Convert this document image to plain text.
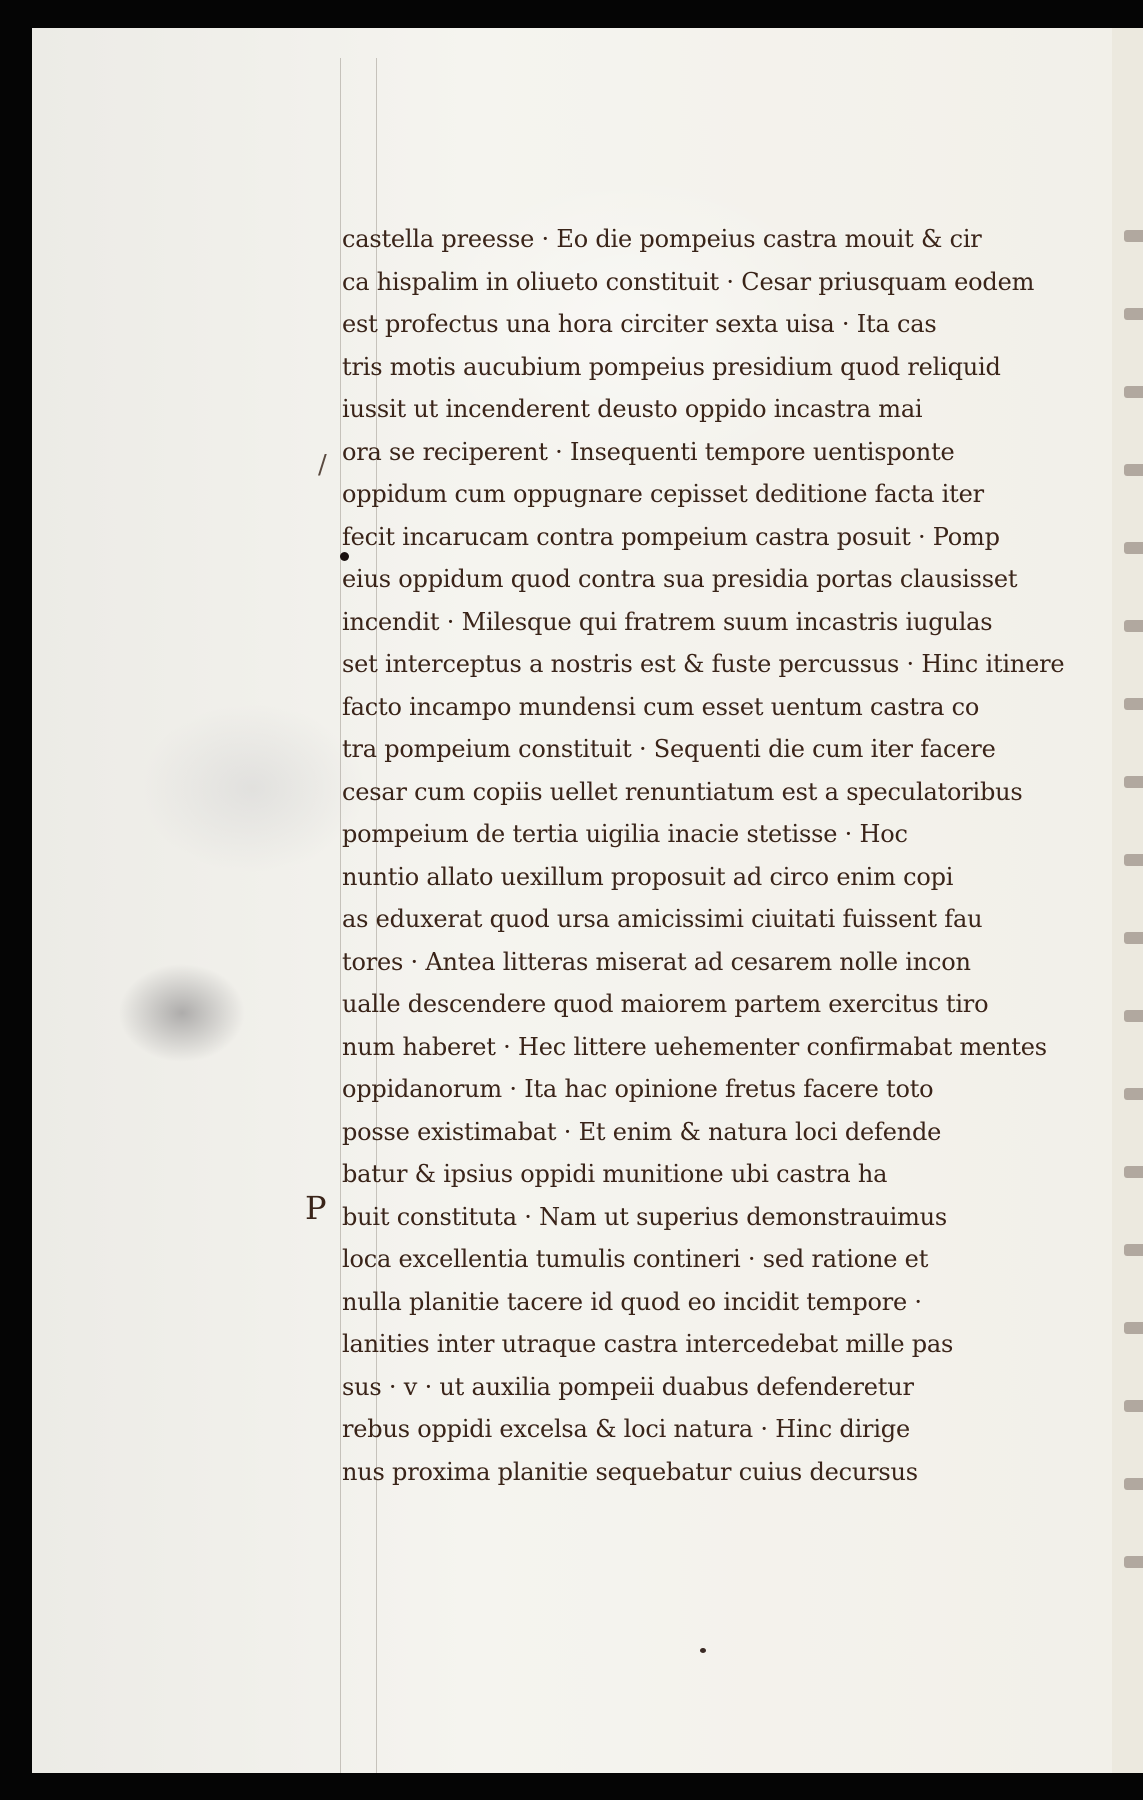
/
P
castella preesse · Eo die pompeius castra mouit & cir
ca hispalim in oliueto constituit · Cesar priusquam eodem
est profectus una hora circiter sexta uisa · Ita cas
tris motis aucubium pompeius presidium quod reliquid
iussit ut incenderent deusto oppido incastra mai
ora se reciperent · Insequenti tempore uentisponte
oppidum cum oppugnare cepisset deditione facta iter
fecit incarucam contra pompeium castra posuit · Pomp
eius oppidum quod contra sua presidia portas clausisset
incendit · Milesque qui fratrem suum incastris iugulas
set interceptus a nostris est & fuste percussus · Hinc itinere
facto incampo mundensi cum esset uentum castra co
tra pompeium constituit · Sequenti die cum iter facere
cesar cum copiis uellet renuntiatum est a speculatoribus
pompeium de tertia uigilia inacie stetisse · Hoc
nuntio allato uexillum proposuit ad circo enim copi
as eduxerat quod ursa amicissimi ciuitati fuissent fau
tores · Antea litteras miserat ad cesarem nolle incon
ualle descendere quod maiorem partem exercitus tiro
num haberet · Hec littere uehementer confirmabat mentes
oppidanorum · Ita hac opinione fretus facere toto
posse existimabat · Et enim & natura loci defende
batur & ipsius oppidi munitione ubi castra ha
buit constituta · Nam ut superius demonstrauimus
loca excellentia tumulis contineri · sed ratione et
nulla planitie tacere id quod eo incidit tempore ·
lanities inter utraque castra intercedebat mille pas
sus · v · ut auxilia pompeii duabus defenderetur
rebus oppidi excelsa & loci natura · Hinc dirige
nus proxima planitie sequebatur cuius decursus
